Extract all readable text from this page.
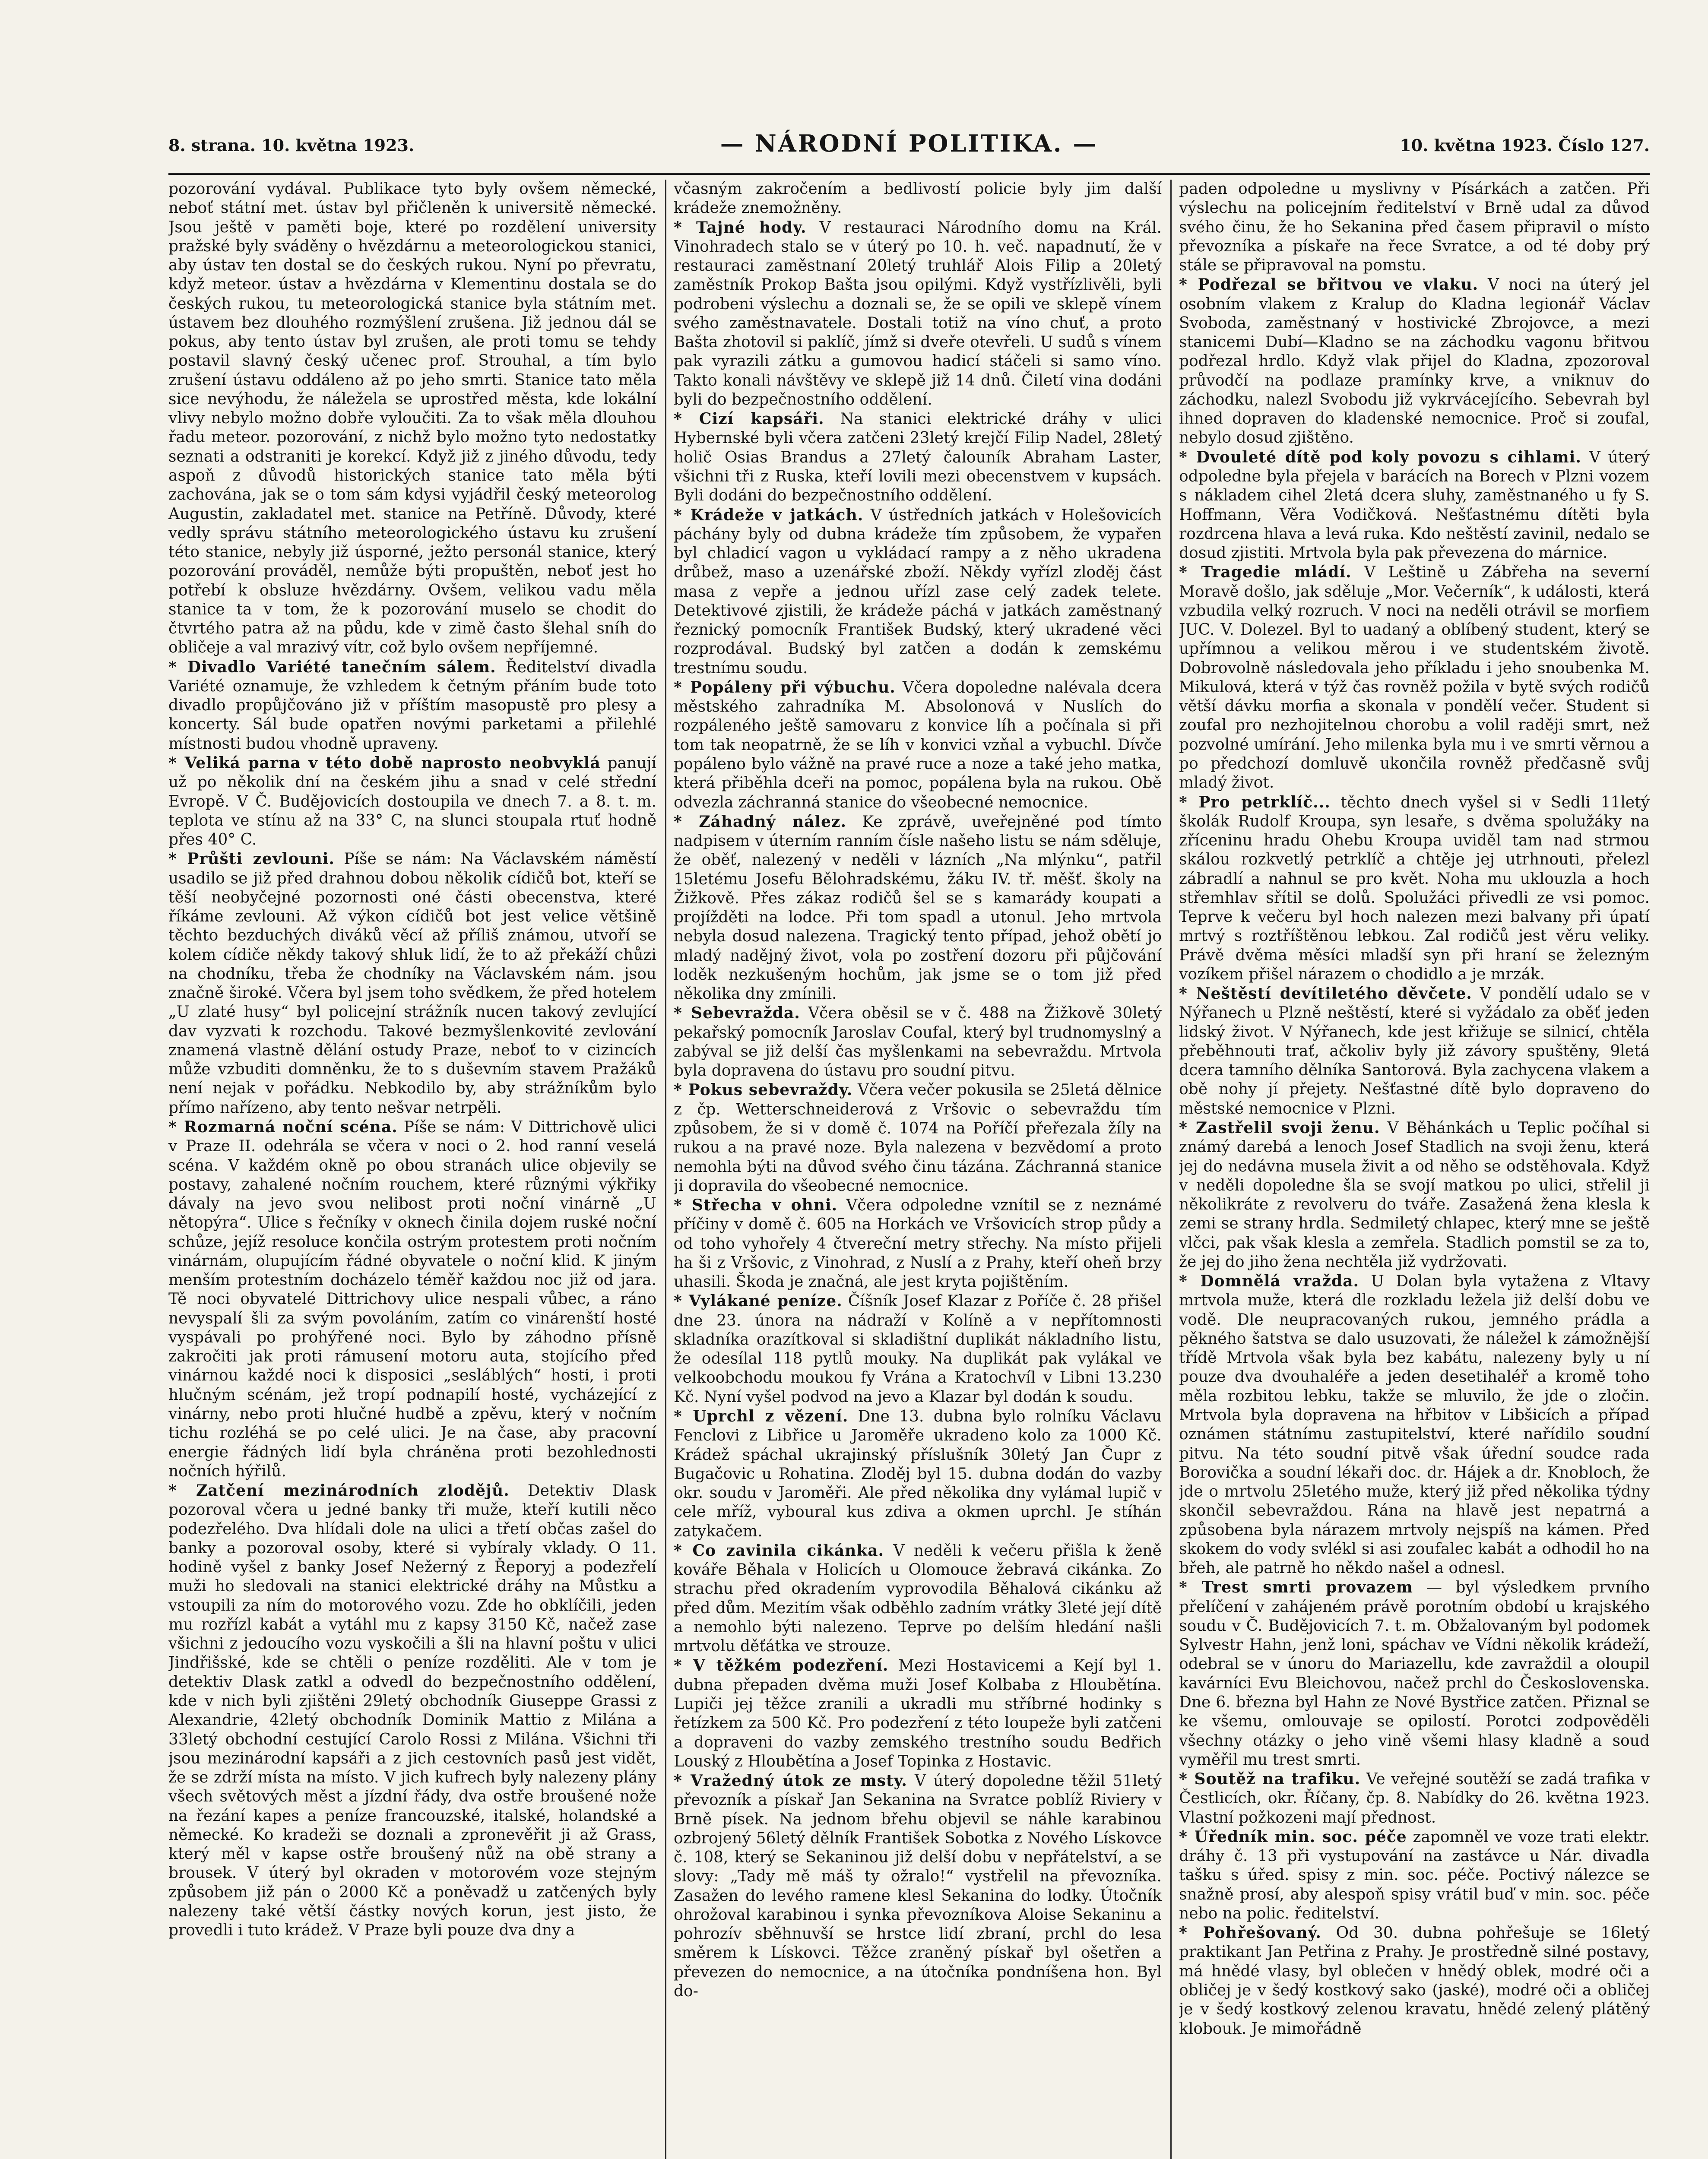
8. strana. 10. května 1923.	— NÁRODNÍ POLITIKA. —	10. května 1923. Číslo 127.

pozorování vydával. Publikace tyto byly ovšem německé, neboť státní met. ústav byl přičleněn k universitě německé. Jsou ještě v paměti boje, které po rozdělení university pražské byly sváděny o hvězdárnu a meteorologickou stanici, aby ústav ten dostal se do českých rukou. Nyní po převratu, když meteor. ústav a hvězdárna v Klementinu dostala se do českých rukou, tu meteorologická stanice byla státním met. ústavem bez dlouhého rozmýšlení zrušena. Již jednou dál se pokus, aby tento ústav byl zrušen, ale proti tomu se tehdy postavil slavný český učenec prof. Strouhal, a tím bylo zrušení ústavu oddáleno až po jeho smrti. Stanice tato měla sice nevýhodu, že náležela se uprostřed města, kde lokální vlivy nebylo možno dobře vyloučiti. Za to však měla dlouhou řadu meteor. pozorování, z nichž bylo možno tyto nedostatky seznati a odstraniti je korekcí. Když již z jiného důvodu, tedy aspoň z důvodů historických stanice tato měla býti zachována, jak se o tom sám kdysi vyjádřil český meteorolog Augustin, zakladatel met. stanice na Petříně. Důvody, které vedly správu státního meteorologického ústavu ku zrušení této stanice, nebyly již úsporné, ježto personál stanice, který pozorování prováděl, nemůže býti propuštěn, neboť jest ho potřebí k obsluze hvězdárny. Ovšem, velikou vadu měla stanice ta v tom, že k pozorování muselo se chodit do čtvrtého patra až na půdu, kde v zimě často šlehal sníh do obličeje a val mrazivý vítr, což bylo ovšem nepříjemné.

* Divadlo Variété tanečním sálem. Ředitelství divadla Variété oznamuje, že vzhledem k četným přáním bude toto divadlo propůjčováno již v příštím masopustě pro plesy a koncerty. Sál bude opatřen novými parketami a přilehlé místnosti budou vhodně upraveny.

* Veliká parna v této době naprosto neobvyklá panují už po několik dní na českém jihu a snad v celé střední Evropě. V Č. Budějovicích dostoupila ve dnech 7. a 8. t. m. teplota ve stínu až na 33° C, na slunci stoupala rtuť hodně přes 40° C.

* Průšti zevlouni. Píše se nám: Na Václavském náměstí usadilo se již před drahnou dobou několik cídičů bot, kteří se těší neobyčejné pozornosti oné části obecenstva, které říkáme zevlouni. Až výkon cídičů bot jest velice většině těchto bezduchých diváků věcí až příliš známou, utvoří se kolem cídiče někdy takový shluk lidí, že to až překáží chůzi na chodníku, třeba že chodníky na Václavském nám. jsou značně široké. Včera byl jsem toho svědkem, že před hotelem „U zlaté husy“ byl policejní strážník nucen takový zevlující dav vyzvati k rozchodu. Takové bezmyšlenkovité zevlování znamená vlastně dělání ostudy Praze, neboť to v cizincích může vzbuditi domněnku, že to s duševním stavem Pražáků není nejak v pořádku. Nebkodilo by, aby strážníkům bylo přímo nařízeno, aby tento nešvar netrpěli.

* Rozmarná noční scéna. Píše se nám: V Dittrichově ulici v Praze II. odehrála se včera v noci o 2. hod ranní veselá scéna. V každém okně po obou stranách ulice objevily se postavy, zahalené nočním rouchem, které různými výkřiky dávaly na jevo svou nelibost proti noční vinárně „U nětopýra“. Ulice s řečníky v oknech činila dojem ruské noční schůze, jejíž resoluce končila ostrým protestem proti nočním vinárnám, olupujícím řádné obyvatele o noční klid. K jiným menším protestním docházelo téměř každou noc již od jara. Tě noci obyvatelé Dittrichovy ulice nespali vůbec, a ráno nevyspalí šli za svým povoláním, zatím co vinárenští hosté vyspávali po prohýřené noci. Bylo by záhodno přísně zakročiti jak proti rámusení motoru auta, stojícího před vinárnou každé noci k disposici „sesláblých“ hosti, i proti hlučným scénám, jež tropí podnapilí hosté, vycházející z vinárny, nebo proti hlučné hudbě a zpěvu, který v nočním tichu rozléhá se po celé ulici. Je na čase, aby pracovní energie řádných lidí byla chráněna proti bezohlednosti nočních hýřilů.

* Zatčení mezinárodních zlodějů. Detektiv Dlask pozoroval včera u jedné banky tři muže, kteří kutili něco podezřelého. Dva hlídali dole na ulici a třetí občas zašel do banky a pozoroval osoby, které si vybíraly vklady. O 11. hodině vyšel z banky Josef Nežerný z Řeporyj a podezřelí muži ho sledovali na stanici elektrické dráhy na Můstku a vstoupili za ním do motorového vozu. Zde ho obklíčili, jeden mu rozřízl kabát a vytáhl mu z kapsy 3150 Kč, načež zase všichni z jedoucího vozu vyskočili a šli na hlavní poštu v ulici Jindřišské, kde se chtěli o peníze rozděliti. Ale v tom je detektiv Dlask zatkl a odvedl do bezpečnostního oddělení, kde v nich byli zjištěni 29letý obchodník Giuseppe Grassi z Alexandrie, 42letý obchodník Dominik Mattio z Milána a 33letý obchodní cestující Carolo Rossi z Milána. Všichni tři jsou mezinárodní kapsáři a z jich cestovních pasů jest vidět, že se zdrží místa na místo. V jich kufrech byly nalezeny plány všech světových měst a jízdní řády, dva ostře broušené nože na řezání kapes a peníze francouzské, italské, holandské a německé. Ko kradeži se doznali a zpronevěřit ji až Grass, který měl v kapse ostře broušený nůž na obě strany a brousek. V úterý byl okraden v motorovém voze stejným způsobem již pán o 2000 Kč a poněvadž u zatčených byly nalezeny také větší částky nových korun, jest jisto, že provedli i tuto krádež. V Praze byli pouze dva dny a

včasným zakročením a bedlivostí policie byly jim další krádeže znemožněny.

* Tajné hody. V restauraci Národního domu na Král. Vinohradech stalo se v úterý po 10. h. več. napadnutí, že v restauraci zaměstnaní 20letý truhlář Alois Filip a 20letý zaměstník Prokop Bašta jsou opilými. Když vystřízlivěli, byli podrobeni výslechu a doznali se, že se opili ve sklepě vínem svého zaměstnavatele. Dostali totiž na víno chuť, a proto Bašta zhotovil si paklíč, jímž si dveře otevřeli. U sudů s vínem pak vyrazili zátku a gumovou hadicí stáčeli si samo víno. Takto konali návštěvy ve sklepě již 14 dnů. Čiletí vina dodáni byli do bezpečnostního oddělení.

* Cizí kapsáři. Na stanici elektrické dráhy v ulici Hybernské byli včera zatčeni 23letý krejčí Filip Nadel, 28letý holič Osias Brandus a 27letý čalouník Abraham Laster, všichni tři z Ruska, kteří lovili mezi obecenstvem v kupsách. Byli dodáni do bezpečnostního oddělení.

* Krádeže v jatkách. V ústředních jatkách v Holešovicích páchány byly od dubna krádeže tím způsobem, že vypařen byl chladicí vagon u vykládací rampy a z něho ukradena drůbež, maso a uzenářské zboží. Někdy vyřízl zloděj část masa z vepře a jednou uřízl zase celý zadek telete. Detektivové zjistili, že krádeže páchá v jatkách zaměstnaný řeznický pomocník František Budský, který ukradené věci rozprodával. Budský byl zatčen a dodán k zemskému trestnímu soudu.

* Popáleny při výbuchu. Včera dopoledne nalévala dcera městského zahradníka M. Absolonová v Nuslích do rozpáleného ještě samovaru z konvice líh a počínala si při tom tak neopatrně, že se líh v konvici vzňal a vybuchl. Dívče popáleno bylo vážně na pravé ruce a noze a také jeho matka, která přiběhla dceři na pomoc, popálena byla na rukou. Obě odvezla záchranná stanice do všeobecné nemocnice.

* Záhadný nález. Ke zprávě, uveřejněné pod tímto nadpisem v úterním ranním čísle našeho listu se nám sděluje, že oběť, nalezený v neděli v lázních „Na mlýnku“, patřil 15letému Josefu Bělohradskému, žáku IV. tř. měšť. školy na Žižkově. Přes zákaz rodičů šel se s kamarády koupati a projížděti na lodce. Při tom spadl a utonul. Jeho mrtvola nebyla dosud nalezena. Tragický tento případ, jehož obětí jo mladý nadějný život, vola po zostření dozoru při půjčování loděk nezkušeným hochům, jak jsme se o tom již před několika dny zmínili.

* Sebevražda. Včera oběsil se v č. 488 na Žižkově 30letý pekařský pomocník Jaroslav Coufal, který byl trudnomyslný a zabýval se již delší čas myšlenkami na sebevraždu. Mrtvola byla dopravena do ústavu pro soudní pitvu.

* Pokus sebevraždy. Včera večer pokusila se 25letá dělnice z čp. Wetterschneiderová z Vršovic o sebevraždu tím způsobem, že si v domě č. 1074 na Poříčí přeřezala žíly na rukou a na pravé noze. Byla nalezena v bezvědomí a proto nemohla býti na důvod svého činu tázána. Záchranná stanice ji dopravila do všeobecné nemocnice.

* Střecha v ohni. Včera odpoledne vznítil se z neznámé příčiny v domě č. 605 na Horkách ve Vršovicích strop půdy a od toho vyhořely 4 čtvereční metry střechy. Na místo přijeli ha ši z Vršovic, z Vinohrad, z Nuslí a z Prahy, kteří oheň brzy uhasili. Škoda je značná, ale jest kryta pojištěním.

* Vylákané peníze. Číšník Josef Klazar z Poříče č. 28 přišel dne 23. února na nádraží v Kolíně a v nepřítomnosti skladníka orazítkoval si skladištní duplikát nákladního listu, že odesílal 118 pytlů mouky. Na duplikát pak vylákal ve velkoobchodu moukou fy Vrána a Kratochvíl v Libni 13.230 Kč. Nyní vyšel podvod na jevo a Klazar byl dodán k soudu.

* Uprchl z vězení. Dne 13. dubna bylo rolníku Václavu Fenclovi z Libřice u Jaroměře ukradeno kolo za 1000 Kč. Krádež spáchal ukrajinský příslušník 30letý Jan Čupr z Bugačovic u Rohatina. Zloděj byl 15. dubna dodán do vazby okr. soudu v Jaroměři. Ale před několika dny vylámal lupič v cele mříž, vyboural kus zdiva a okmen uprchl. Je stíhán zatykačem.

* Co zavinila cikánka. V neděli k večeru přišla k ženě kováře Běhala v Holicích u Olomouce žebravá cikánka. Zo strachu před okradením vyprovodila Běhalová cikánku až před dům. Mezitím však odběhlo zadním vrátky 3leté její dítě a nemohlo býti nalezeno. Teprve po delším hledání našli mrtvolu děťátka ve strouze.

* V těžkém podezření. Mezi Hostavicemi a Kejí byl 1. dubna přepaden dvěma muži Josef Kolbaba z Hloubětína. Lupiči jej těžce zranili a ukradli mu stříbrné hodinky s řetízkem za 500 Kč. Pro podezření z této loupeže byli zatčeni a dopraveni do vazby zemského trestního soudu Bedřich Louský z Hloubětína a Josef Topinka z Hostavic.

* Vražedný útok ze msty. V úterý dopoledne těžil 51letý převozník a pískař Jan Sekanina na Svratce poblíž Riviery v Brně písek. Na jednom břehu objevil se náhle karabinou ozbrojený 56letý dělník František Sobotka z Nového Lískovce č. 108, který se Sekaninou již delší dobu v nepřátelství, a se slovy: „Tady mě máš ty ožralo!“ vystřelil na převozníka. Zasažen do levého ramene klesl Sekanina do lodky. Útočník ohrožoval karabinou i synka převozníkova Aloise Sekaninu a pohrozív sběhnuvší se hrstce lidí zbraní, prchl do lesa směrem k Lískovci. Těžce zraněný pískař byl ošetřen a převezen do nemocnice, a na útočníka pondníšena hon. Byl do-

paden odpoledne u myslivny v Písárkách a zatčen. Při výslechu na policejním ředitelství v Brně udal za důvod svého činu, že ho Sekanina před časem připravil o místo převozníka a pískaře na řece Svratce, a od té doby prý stále se připravoval na pomstu.

* Podřezal se břitvou ve vlaku. V noci na úterý jel osobním vlakem z Kralup do Kladna legionář Václav Svoboda, zaměstnaný v hostivické Zbrojovce, a mezi stanicemi Dubí—Kladno se na záchodku vagonu břitvou podřezal hrdlo. Když vlak přijel do Kladna, zpozoroval průvodčí na podlaze pramínky krve, a vniknuv do záchodku, nalezl Svobodu již vykrvácejícího. Sebevrah byl ihned dopraven do kladenské nemocnice. Proč si zoufal, nebylo dosud zjištěno.

* Dvouleté dítě pod koly povozu s cihlami. V úterý odpoledne byla přejela v barácích na Borech v Plzni vozem s nákladem cihel 2letá dcera sluhy, zaměstnaného u fy S. Hoffmann, Věra Vodičková. Nešťastnému dítěti byla rozdrcena hlava a levá ruka. Kdo neštěstí zavinil, nedalo se dosud zjistiti. Mrtvola byla pak převezena do márnice.

* Tragedie mládí. V Leštině u Zábřeha na severní Moravě došlo, jak sděluje „Mor. Večerník“, k události, která vzbudila velký rozruch. V noci na neděli otrávil se morfiem JUC. V. Dolezel. Byl to uadaný a oblíbený student, který se upřímnou a velikou měrou i ve studentském životě. Dobrovolně následovala jeho příkladu i jeho snoubenka M. Mikulová, která v týž čas rovněž požila v bytě svých rodičů větší dávku morfia a skonala v pondělí večer. Student si zoufal pro nezhojitelnou chorobu a volil raději smrt, než pozvolné umírání. Jeho milenka byla mu i ve smrti věrnou a po předchozí domluvě ukončila rovněž předčasně svůj mladý život.

* Pro petrklíč... těchto dnech vyšel si v Sedli 11letý školák Rudolf Kroupa, syn lesaře, s dvěma spolužáky na zříceninu hradu Ohebu Kroupa uviděl tam nad strmou skálou rozkvetlý petrklíč a chtěje jej utrhnouti, přelezl zábradlí a nahnul se pro květ. Noha mu uklouzla a hoch střemhlav sřítil se dolů. Spolužáci přivedli ze vsi pomoc. Teprve k večeru byl hoch nalezen mezi balvany při úpatí mrtvý s roztříštěnou lebkou. Zal rodičů jest věru veliky. Právě dvěma měsíci mladší syn při hraní se železným vozíkem přišel nárazem o chodidlo a je mrzák.

* Neštěstí devítiletého děvčete. V pondělí udalo se v Nýřanech u Plzně neštěstí, které si vyžádalo za oběť jeden lidský život. V Nýřanech, kde jest křižuje se silnicí, chtěla přeběhnouti trať, ačkoliv byly již závory spuštěny, 9letá dcera tamního dělníka Santorová. Byla zachycena vlakem a obě nohy jí přejety. Nešťastné dítě bylo dopraveno do městské nemocnice v Plzni.

* Zastřelil svoji ženu. V Běhánkách u Teplic počíhal si známý darebá a lenoch Josef Stadlich na svoji ženu, která jej do nedávna musela živit a od něho se odstěhovala. Když v neděli dopoledne šla se svojí matkou po ulici, střelil ji několikráte z revolveru do tváře. Zasažená žena klesla k zemi se strany hrdla. Sedmiletý chlapec, který mne se ještě vlčci, pak však klesla a zemřela. Stadlich pomstil se za to, že jej do jiho žena nechtěla již vydržovati.

* Domnělá vražda. U Dolan byla vytažena z Vltavy mrtvola muže, která dle rozkladu ležela již delší dobu ve vodě. Dle neupracovaných rukou, jemného prádla a pěkného šatstva se dalo usuzovati, že náležel k zámožnější třídě Mrtvola však byla bez kabátu, nalezeny byly u ní pouze dva dvouhaléře a jeden desetihaléř a kromě toho měla rozbitou lebku, takže se mluvilo, že jde o zločin. Mrtvola byla dopravena na hřbitov v Libšicích a případ oznámen státnímu zastupitelství, které nařídilo soudní pitvu. Na této soudní pitvě však úřední soudce rada Borovička a soudní lékaři doc. dr. Hájek a dr. Knobloch, že jde o mrtvolu 25letého muže, který již před několika týdny skončil sebevraždou. Rána na hlavě jest nepatrná a způsobena byla nárazem mrtvoly nejspíš na kámen. Před skokem do vody svlékl si asi zoufalec kabát a odhodil ho na břeh, ale patrně ho někdo našel a odnesl.

* Trest smrti provazem — byl výsledkem prvního přelíčení v zahájeném právě porotním období u krajského soudu v Č. Budějovicích 7. t. m. Obžalovaným byl podomek Sylvestr Hahn, jenž loni, spáchav ve Vídni několik krádeží, odebral se v únoru do Mariazellu, kde zavraždil a oloupil kavárníci Evu Bleichovou, načež prchl do Československa. Dne 6. března byl Hahn ze Nové Bystřice zatčen. Přiznal se ke všemu, omlouvaje se opilostí. Porotci zodpověděli všechny otázky o jeho vině všemi hlasy kladně a soud vyměřil mu trest smrti.

* Soutěž na trafiku. Ve veřejné soutěží se zadá trafika v Čestlicích, okr. Říčany, čp. 8. Nabídky do 26. května 1923. Vlastní požkozeni mají přednost.

* Úředník min. soc. péče zapomněl ve voze trati elektr. dráhy č. 13 při vystupování na zastávce u Nár. divadla tašku s úřed. spisy z min. soc. péče. Poctivý nálezce se snažně prosí, aby alespoň spisy vrátil buď v min. soc. péče nebo na polic. ředitelství.

* Pohřešovaný. Od 30. dubna pohřešuje se 16letý praktikant Jan Petřina z Prahy. Je prostředně silné postavy, má hnědé vlasy, byl oblečen v hnědý oblek, modré oči a obličej je v šedý kostkový sako (jaské), modré oči a obličej je v šedý kostkový zelenou kravatu, hnědé zelený plátěný klobouk. Je mimořádně
